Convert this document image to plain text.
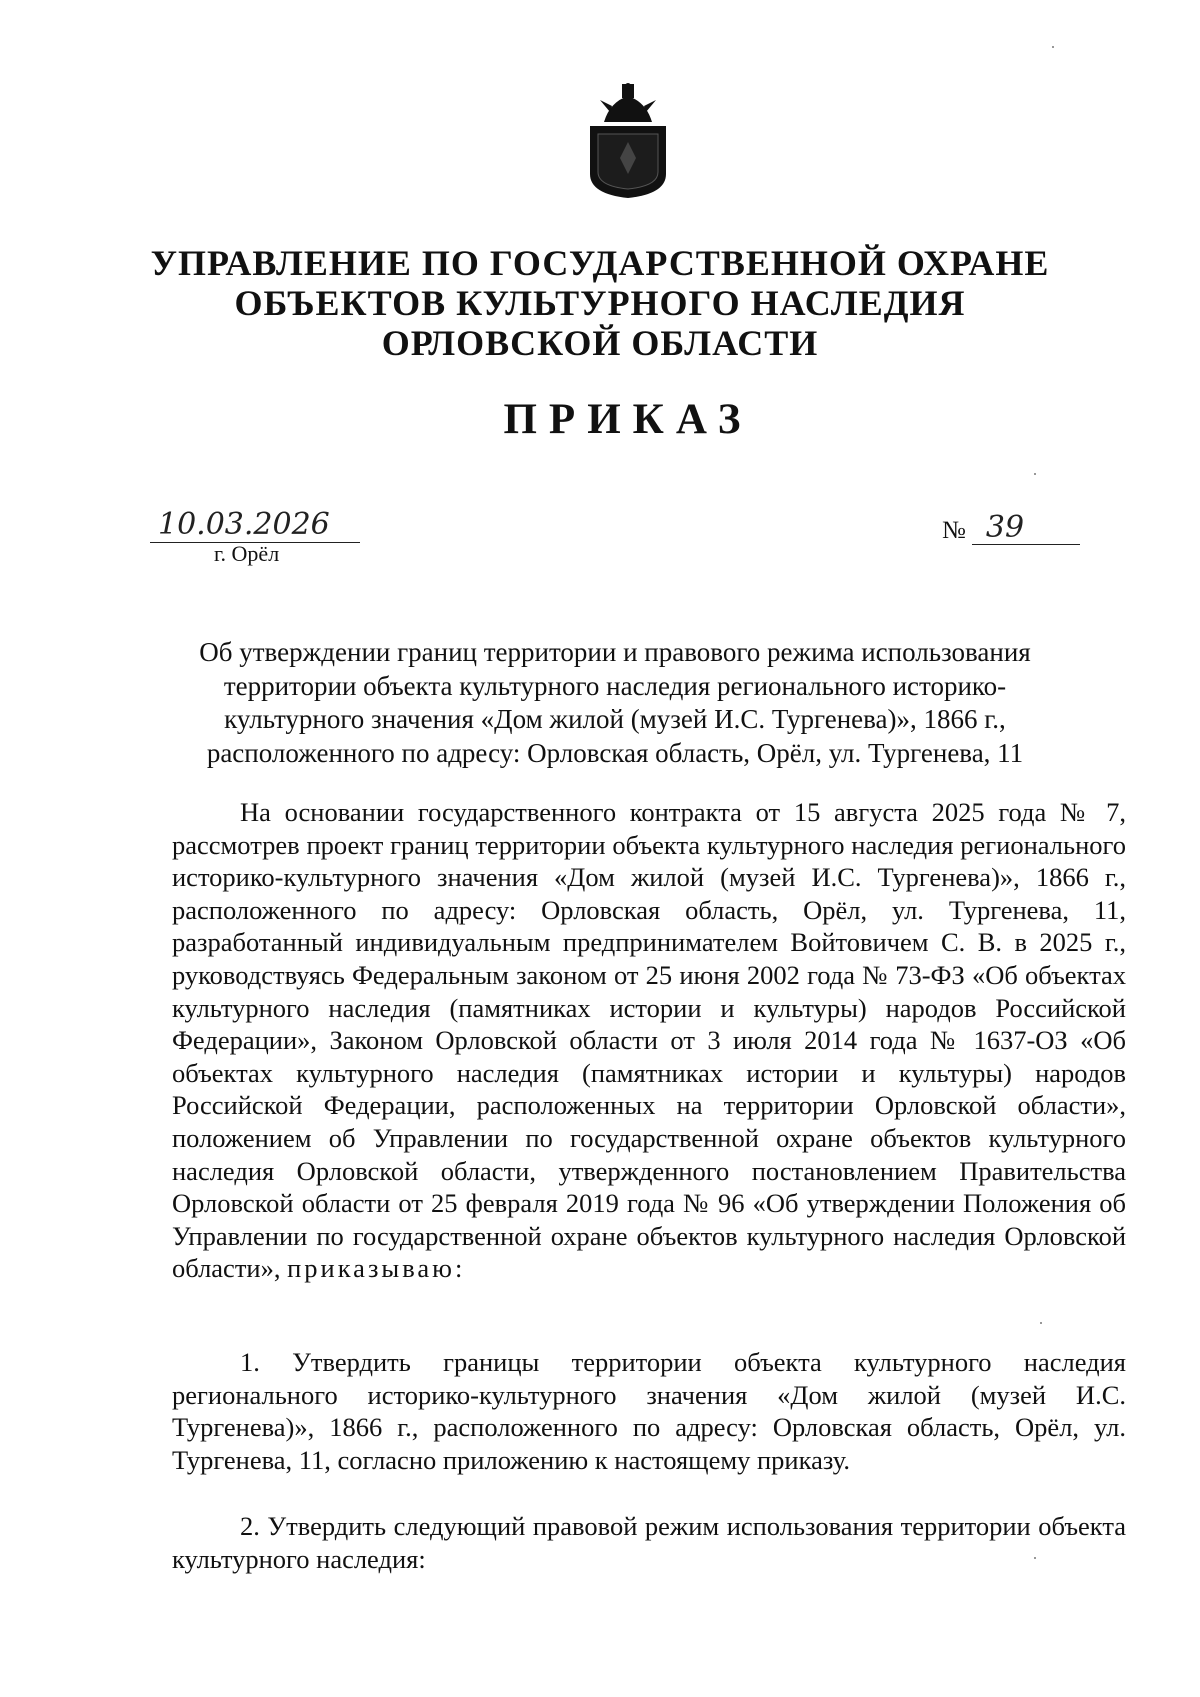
УПРАВЛЕНИЕ ПО ГОСУДАРСТВЕННОЙ ОХРАНЕ
ОБЪЕКТОВ КУЛЬТУРНОГО НАСЛЕДИЯ
ОРЛОВСКОЙ ОБЛАСТИ
ПРИКАЗ
10.03.2026
г. Орёл
№ 39
Об утверждении границ территории и правового режима использования территории объекта культурного наследия регионального историко-культурного значения «Дом жилой (музей И.С. Тургенева)», 1866 г., расположенного по адресу: Орловская область, Орёл, ул. Тургенева, 11
На основании государственного контракта от 15 августа 2025 года № 7, рассмотрев проект границ территории объекта культурного наследия регионального историко-культурного значения «Дом жилой (музей И.С. Тургенева)», 1866 г., расположенного по адресу: Орловская область, Орёл, ул. Тургенева, 11, разработанный индивидуальным предпринимателем Войтовичем С. В. в 2025 г., руководствуясь Федеральным законом от 25 июня 2002 года № 73-ФЗ «Об объектах культурного наследия (памятниках истории и культуры) народов Российской Федерации», Законом Орловской области от 3 июля 2014 года № 1637-ОЗ «Об объектах культурного наследия (памятниках истории и культуры) народов Российской Федерации, расположенных на территории Орловской области», положением об Управлении по государственной охране объектов культурного наследия Орловской области, утвержденного постановлением Правительства Орловской области от 25 февраля 2019 года № 96 «Об утверждении Положения об Управлении по государственной охране объектов культурного наследия Орловской области», приказываю:
1. Утвердить границы территории объекта культурного наследия регионального историко-культурного значения «Дом жилой (музей И.С. Тургенева)», 1866 г., расположенного по адресу: Орловская область, Орёл, ул. Тургенева, 11, согласно приложению к настоящему приказу.
2. Утвердить следующий правовой режим использования территории объекта культурного наследия:
